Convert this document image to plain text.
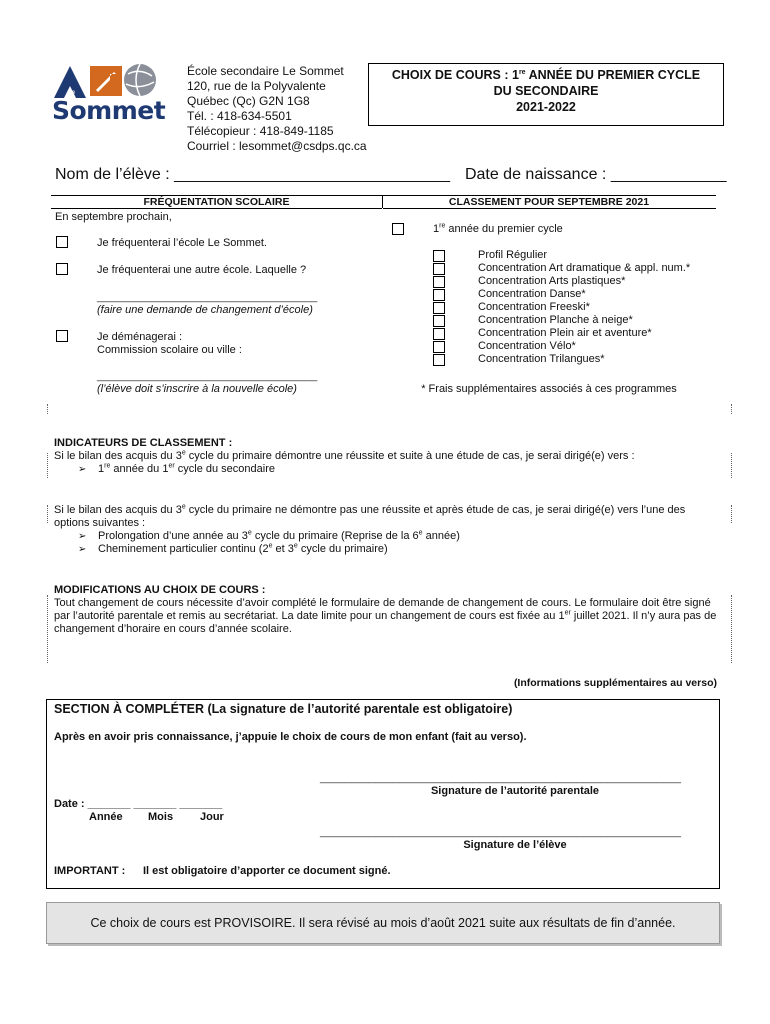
Le
Sommet
École secondaire Le Sommet
120, rue de la Polyvalente
Québec (Qc) G2N 1G8
Tél. : 418-634-5501
Télécopieur : 418-849-1185
Courriel : lesommet@csdps.qc.ca
CHOIX DE COURS : 1re ANNÉE DU PREMIER CYCLE
DU SECONDAIRE
2021-2022
Nom de l’élève : _______________________________ Date de naissance : _____________
FRÉQUENTATION SCOLAIRE	CLASSEMENT POUR SEPTEMBRE 2021
En septembre prochain,
Je fréquenterai l’école Le Sommet.
Je fréquenterai une autre école. Laquelle ?
____________________________________
(faire une demande de changement d’école)
Je déménagerai :
Commission scolaire ou ville :
____________________________________
(l’élève doit s’inscrire à la nouvelle école)
1re année du premier cycle
Profil Régulier
Concentration Art dramatique & appl. num.*
Concentration Arts plastiques*
Concentration Danse*
Concentration Freeski*
Concentration Planche à neige*
Concentration Plein air et aventure*
Concentration Vélo*
Concentration Trilangues*
* Frais supplémentaires associés à ces programmes
INDICATEURS DE CLASSEMENT :
Si le bilan des acquis du 3e cycle du primaire démontre une réussite et suite à une étude de cas, je serai dirigé(e) vers :
➢ 1re année du 1er cycle du secondaire
Si le bilan des acquis du 3e cycle du primaire ne démontre pas une réussite et après étude de cas, je serai dirigé(e) vers l’une des options suivantes :
➢ Prolongation d’une année au 3e cycle du primaire (Reprise de la 6e année)
➢ Cheminement particulier continu (2e et 3e cycle du primaire)
MODIFICATIONS AU CHOIX DE COURS :
Tout changement de cours nécessite d’avoir complété le formulaire de demande de changement de cours. Le formulaire doit être signé par l’autorité parentale et remis au secrétariat. La date limite pour un changement de cours est fixée au 1er juillet 2021. Il n’y aura pas de changement d’horaire en cours d’année scolaire.
(Informations supplémentaires au verso)
SECTION À COMPLÉTER (La signature de l’autorité parentale est obligatoire)
Après en avoir pris connaissance, j’appuie le choix de cours de mon enfant (fait au verso).
___________________________________________________________
Signature de l’autorité parentale
Date : _______ _______ _______
Année Mois Jour
___________________________________________________________
Signature de l’élève
IMPORTANT : Il est obligatoire d’apporter ce document signé.
Ce choix de cours est PROVISOIRE. Il sera révisé au mois d’août 2021 suite aux résultats de fin d’année.
